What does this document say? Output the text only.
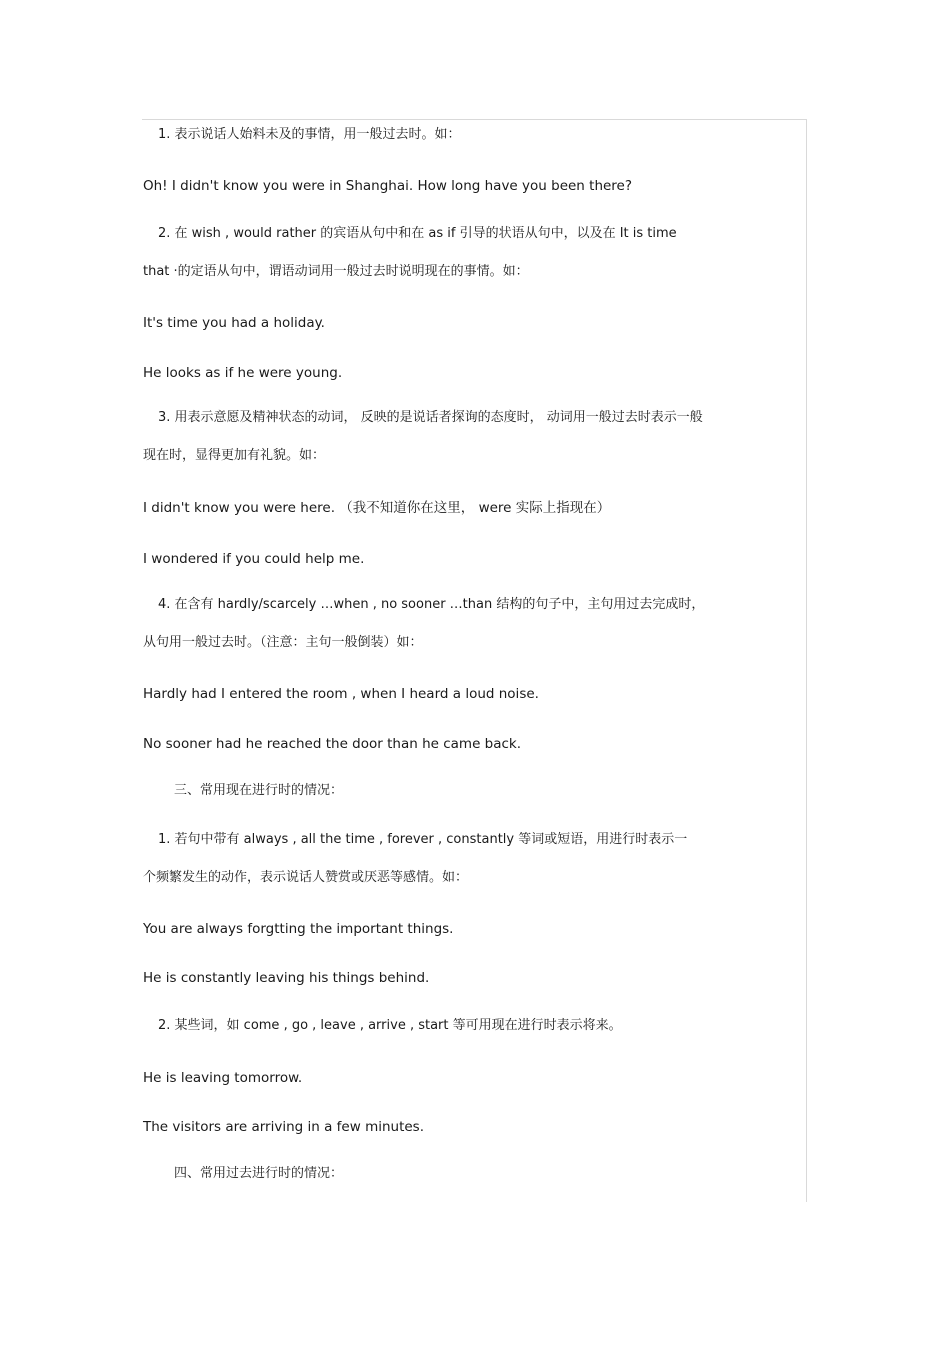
1. 表示说话人始料未及的事情，用一般过去时。如：
Oh! I didn't know you were in Shanghai. How long have you been there?
2. 在 wish , would rather 的宾语从句中和在 as if 引导的状语从句中，以及在 It is time
that ·的定语从句中，谓语动词用一般过去时说明现在的事情。如：
It's time you had a holiday.
He looks as if he were young.
3. 用表示意愿及精神状态的动词， 反映的是说话者探询的态度时， 动词用一般过去时表示一般
现在时，显得更加有礼貌。如：
I didn't know you were here. （我不知道你在这里， were 实际上指现在）
I wondered if you could help me.
4. 在含有 hardly/scarcely …when , no sooner …than 结构的句子中，主句用过去完成时，
从句用一般过去时。（注意：主句一般倒装）如：
Hardly had I entered the room , when I heard a loud noise.
No sooner had he reached the door than he came back.
三、常用现在进行时的情况：
1. 若句中带有 always , all the time , forever , constantly 等词或短语，用进行时表示一
个频繁发生的动作，表示说话人赞赏或厌恶等感情。如：
You are always forgtting the important things.
He is constantly leaving his things behind.
2. 某些词，如 come , go , leave , arrive , start 等可用现在进行时表示将来。
He is leaving tomorrow.
The visitors are arriving in a few minutes.
四、常用过去进行时的情况：
